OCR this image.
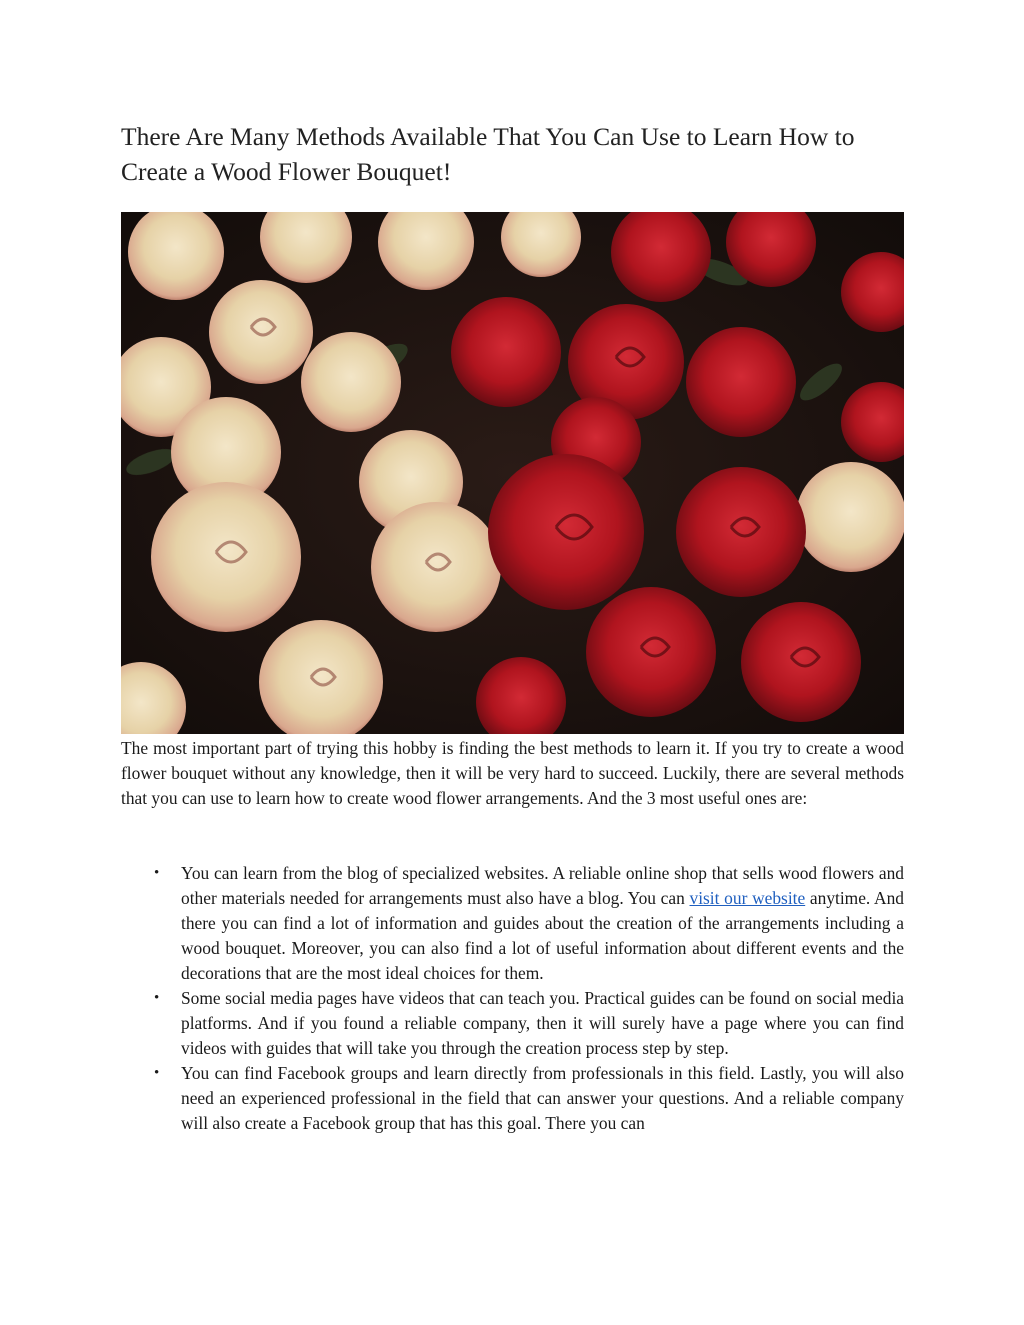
There Are Many Methods Available That You Can Use to Learn How to Create a Wood Flower Bouquet!

The most important part of trying this hobby is finding the best methods to learn it. If you try to create a wood flower bouquet without any knowledge, then it will be very hard to succeed. Luckily, there are several methods that you can use to learn how to create wood flower arrangements. And the 3 most useful ones are:

• You can learn from the blog of specialized websites. A reliable online shop that sells wood flowers and other materials needed for arrangements must also have a blog. You can visit our website anytime. And there you can find a lot of information and guides about the creation of the arrangements including a wood bouquet. Moreover, you can also find a lot of useful information about different events and the decorations that are the most ideal choices for them.
• Some social media pages have videos that can teach you. Practical guides can be found on social media platforms. And if you found a reliable company, then it will surely have a page where you can find videos with guides that will take you through the creation process step by step.
• You can find Facebook groups and learn directly from professionals in this field. Lastly, you will also need an experienced professional in the field that can answer your questions. And a reliable company will also create a Facebook group that has this goal. There you can
